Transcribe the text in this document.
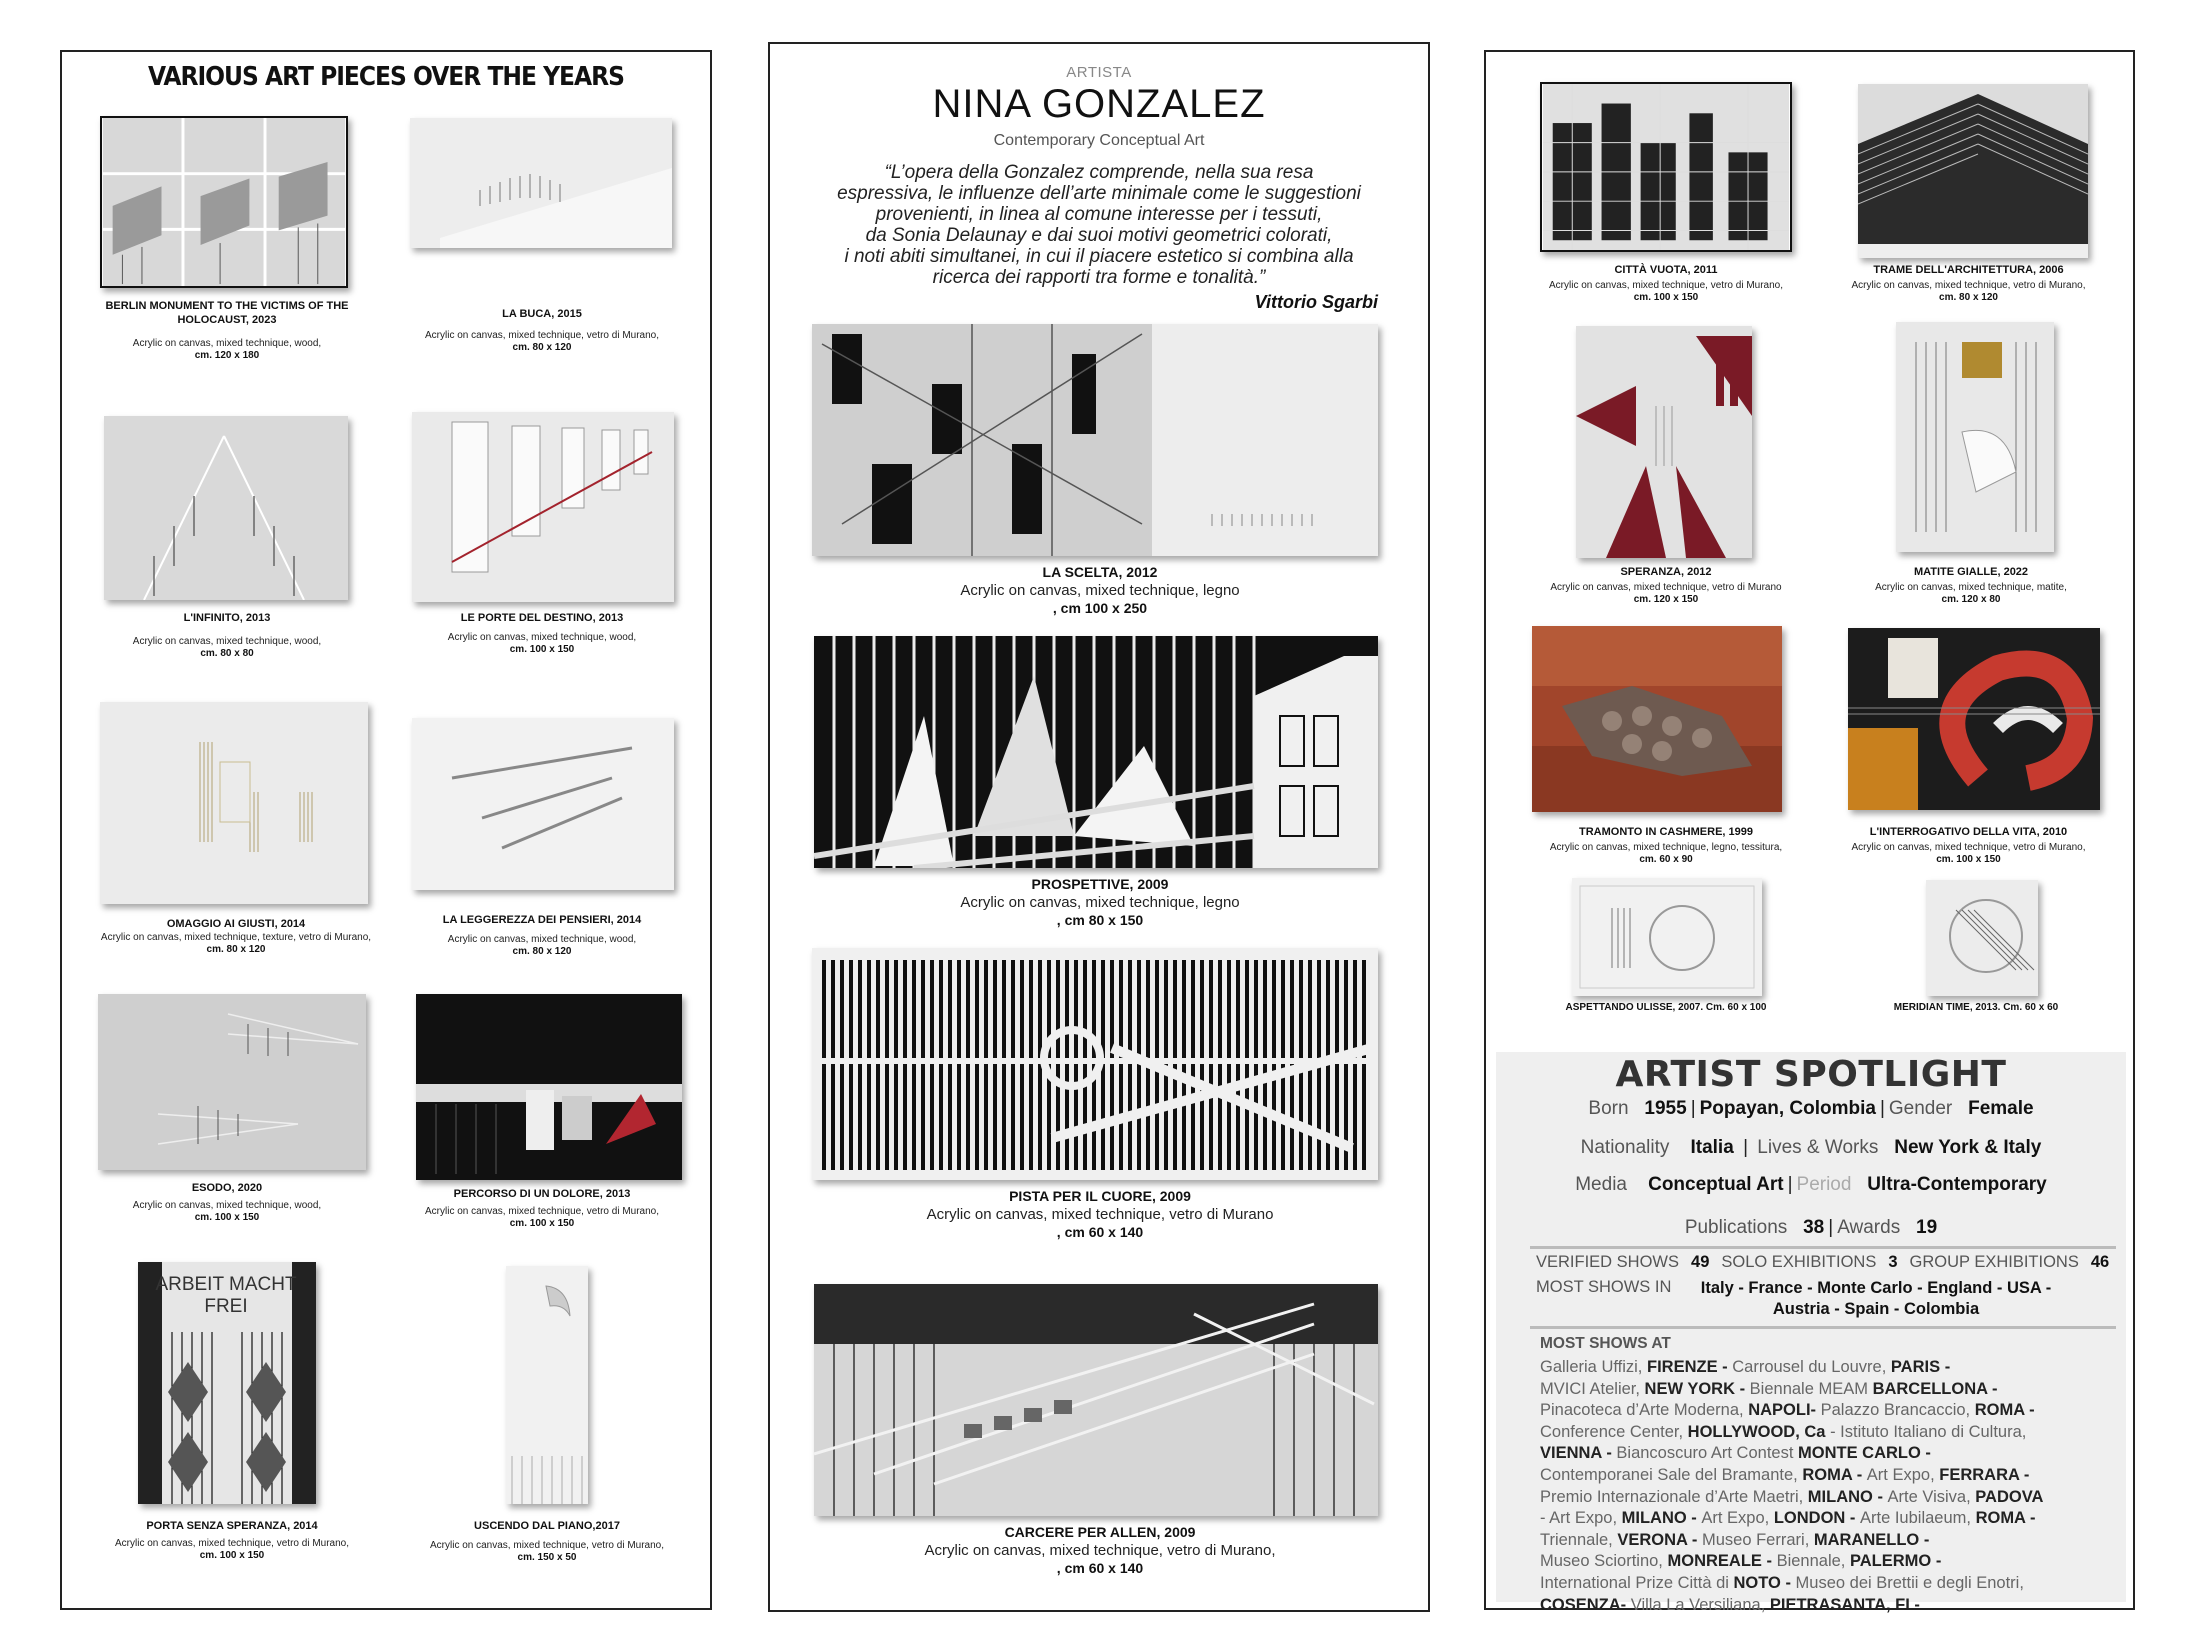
VARIOUS ART PIECES OVER THE YEARS
BERLIN MONUMENT TO THE VICTIMS OF THE HOLOCAUST, 2023
Acrylic on canvas, mixed technique, wood,
cm. 120 x 180
LA BUCA, 2015
Acrylic on canvas, mixed technique, vetro di Murano,
cm. 80 x 120
L'INFINITO, 2013
Acrylic on canvas, mixed technique, wood,
cm. 80 x 80
LE PORTE DEL DESTINO, 2013
Acrylic on canvas, mixed technique, wood,
cm. 100 x 150
OMAGGIO AI GIUSTI, 2014
Acrylic on canvas, mixed technique, texture, vetro di Murano,
cm. 80 x 120
LA LEGGEREZZA DEI PENSIERI, 2014
Acrylic on canvas, mixed technique, wood,
cm. 80 x 120
ESODO, 2020
Acrylic on canvas, mixed technique, wood,
cm. 100 x 150
PERCORSO DI UN DOLORE, 2013
Acrylic on canvas, mixed technique, vetro di Murano,
cm. 100 x 150
ARBEIT MACHT FREI
PORTA SENZA SPERANZA, 2014
Acrylic on canvas, mixed technique, vetro di Murano,
cm. 100 x 150
USCENDO DAL PIANO,2017
Acrylic on canvas, mixed technique, vetro di Murano,
cm. 150 x 50
ARTISTA
NINA GONZALEZ
Contemporary Conceptual Art
“L’opera della Gonzalez comprende, nella sua resa
espressiva, le influenze dell’arte minimale come le suggestioni
provenienti, in linea al comune interesse per i tessuti,
da Sonia Delaunay e dai suoi motivi geometrici colorati,
i noti abiti simultanei, in cui il piacere estetico si combina alla
ricerca dei rapporti tra forme e tonalità.”
Vittorio Sgarbi
LA SCELTA, 2012
Acrylic on canvas, mixed technique, legno
, cm 100 x 250
PROSPETTIVE, 2009
Acrylic on canvas, mixed technique, legno
, cm 80 x 150
PISTA PER IL CUORE, 2009
Acrylic on canvas, mixed technique, vetro di Murano
, cm 60 x 140
CARCERE PER ALLEN, 2009
Acrylic on canvas, mixed technique, vetro di Murano,
, cm 60 x 140
CITTÀ VUOTA, 2011
Acrylic on canvas, mixed technique, vetro di Murano,
cm. 100 x 150
TRAME DELL'ARCHITETTURA, 2006
Acrylic on canvas, mixed technique, vetro di Murano,
cm. 80 x 120
SPERANZA, 2012
Acrylic on canvas, mixed technique, vetro di Murano
cm. 120 x 150
MATITE GIALLE, 2022
Acrylic on canvas, mixed technique, matite,
cm. 120 x 80
TRAMONTO IN CASHMERE, 1999
Acrylic on canvas, mixed technique, legno, tessitura,
cm. 60 x 90
L'INTERROGATIVO DELLA VITA, 2010
Acrylic on canvas, mixed technique, vetro di Murano,
cm. 100 x 150
ASPETTANDO ULISSE, 2007. Cm. 60 x 100	MERIDIAN TIME, 2013. Cm. 60 x 60
ARTIST SPOTLIGHT
Born 1955 | Popayan, Colombia | Gender Female
Nationality Italia | Lives & Works New York & Italy
Media Conceptual Art | Period Ultra-Contemporary
Publications 38 | Awards 19
VERIFIED SHOWS 49 SOLO EXHIBITIONS 3 GROUP EXHIBITIONS 46
MOST SHOWS IN	Italy - France - Monte Carlo - England - USA -
Austria - Spain - Colombia
MOST SHOWS AT
Galleria Uffizi, FIRENZE - Carrousel du Louvre, PARIS -
MVICI Atelier, NEW YORK - Biennale MEAM BARCELLONA -
Pinacoteca d’Arte Moderna, NAPOLI- Palazzo Brancaccio, ROMA -
Conference Center, HOLLYWOOD, Ca - Istituto Italiano di Cultura,
VIENNA - Biancoscuro Art Contest MONTE CARLO -
Contemporanei Sale del Bramante, ROMA - Art Expo, FERRARA -
Premio Internazionale d’Arte Maetri, MILANO - Arte Visiva, PADOVA
- Art Expo, MILANO - Art Expo, LONDON - Arte Iubilaeum, ROMA -
Triennale, VERONA - Museo Ferrari, MARANELLO -
Museo Sciortino, MONREALE - Biennale, PALERMO -
International Prize Città di NOTO - Museo dei Brettii e degli Enotri,
COSENZA- Villa La Versiliana, PIETRASANTA, FI -
